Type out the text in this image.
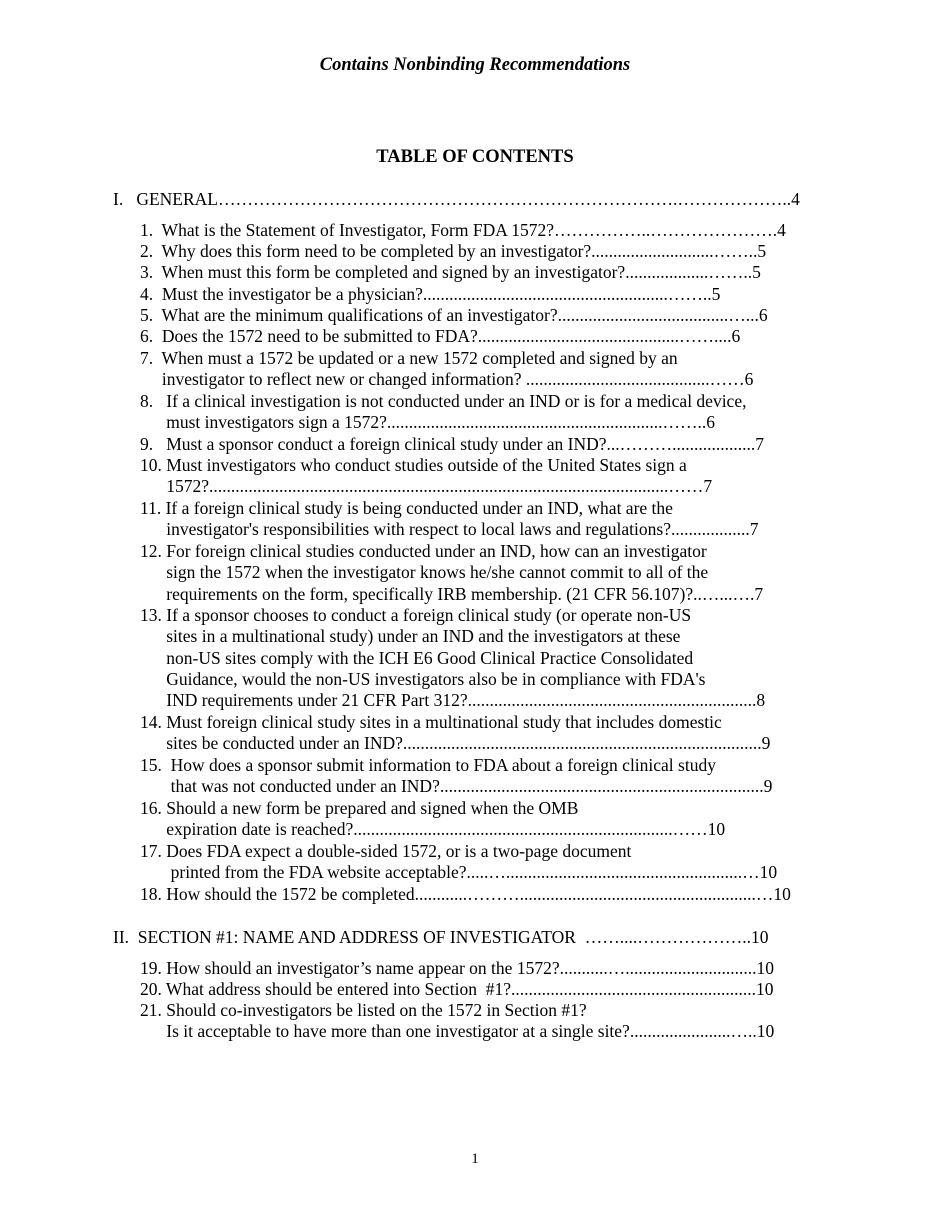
Contains Nonbinding Recommendations
TABLE OF CONTENTS
I.   GENERAL…………………………………………………………………….………………..4
1.  What is the Statement of Investigator, Form FDA 1572?……………..………………….4
2.  Why does this form need to be completed by an investigator?............................……..5
3.  When must this form be completed and signed by an investigator?...................……..5
4.  Must the investigator be a physician?........................................................……..5
5.  What are the minimum qualifications of an investigator?.......................................…...6
6.  Does the 1572 need to be submitted to FDA?..............................................……....6
7.  When must a 1572 be updated or a new 1572 completed and signed by an
investigator to reflect new or changed information? ..........................................……6
8.   If a clinical investigation is not conducted under an IND or is for a medical device,
must investigators sign a 1572?...............................................................……..6
9.   Must a sponsor conduct a foreign clinical study under an IND?...………...................7
10. Must investigators who conduct studies outside of the United States sign a
1572?.........................................................................................................……7
11. If a foreign clinical study is being conducted under an IND, what are the
investigator's responsibilities with respect to local laws and regulations?..................7
12. For foreign clinical studies conducted under an IND, how can an investigator
sign the 1572 when the investigator knows he/she cannot commit to all of the
requirements on the form, specifically IRB membership. (21 CFR 56.107)?..…...….7
13. If a sponsor chooses to conduct a foreign clinical study (or operate non-US
sites in a multinational study) under an IND and the investigators at these
non-US sites comply with the ICH E6 Good Clinical Practice Consolidated
Guidance, would the non-US investigators also be in compliance with FDA's
IND requirements under 21 CFR Part 312?..................................................................8
14. Must foreign clinical study sites in a multinational study that includes domestic
sites be conducted under an IND?..................................................................................9
15.  How does a sponsor submit information to FDA about a foreign clinical study
that was not conducted under an IND?..........................................................................9
16. Should a new form be prepared and signed when the OMB
expiration date is reached?.........................................................................……10
17. Does FDA expect a double-sided 1572, or is a two-page document
printed from the FDA website acceptable?.....…......................................................…10
18. How should the 1572 be completed............………......................................................…10
II.  SECTION #1: NAME AND ADDRESS OF INVESTIGATOR  ……....………………..10
19. How should an investigator’s name appear on the 1572?...........…..............................10
20. What address should be entered into Section  #1?........................................................10
21. Should co-investigators be listed on the 1572 in Section #1?
Is it acceptable to have more than one investigator at a single site?.......................…..10
1
